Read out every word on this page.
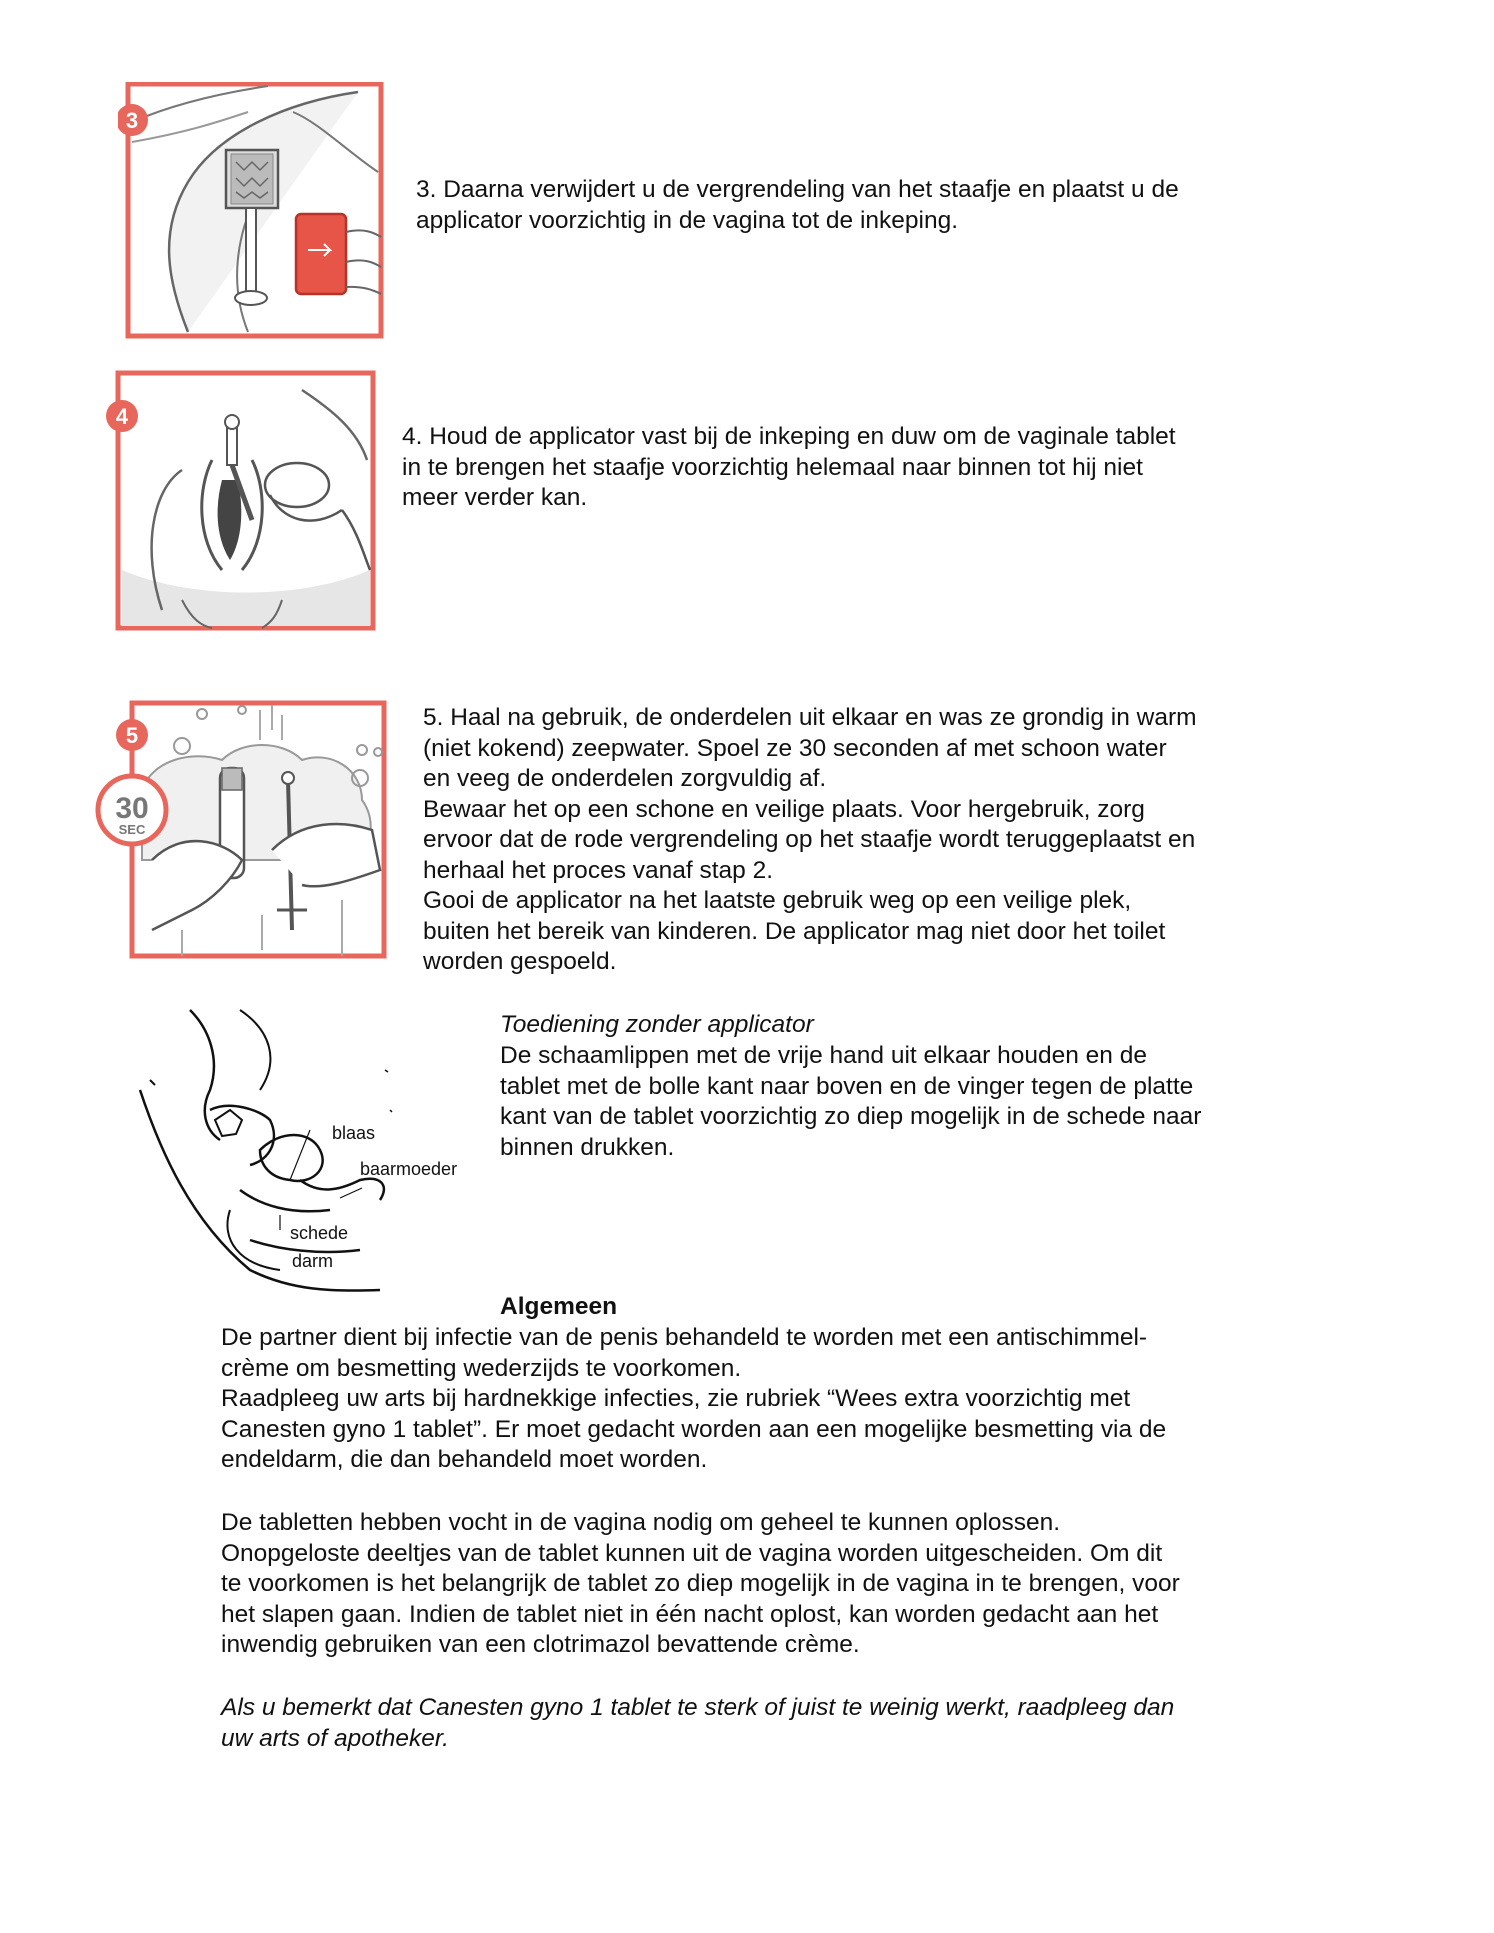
3

3. Daarna verwijdert u de vergrendeling van het staafje en plaatst u de
applicator voorzichtig in de vagina tot de inkeping.

4

4. Houd de applicator vast bij de inkeping en duw om de vaginale tablet
in te brengen het staafje voorzichtig helemaal naar binnen tot hij niet
meer verder kan.

30
SEC
5

5. Haal na gebruik, de onderdelen uit elkaar en was ze grondig in warm
(niet kokend) zeepwater. Spoel ze 30 seconden af met schoon water
en veeg de onderdelen zorgvuldig af.
Bewaar het op een schone en veilige plaats. Voor hergebruik, zorg
ervoor dat de rode vergrendeling op het staafje wordt teruggeplaatst en
herhaal het proces vanaf stap 2.
Gooi de applicator na het laatste gebruik weg op een veilige plek,
buiten het bereik van kinderen. De applicator mag niet door het toilet
worden gespoeld.

blaas
baarmoeder
schede
darm

Toediening zonder applicator

De schaamlippen met de vrije hand uit elkaar houden en de
tablet met de bolle kant naar boven en de vinger tegen de platte
kant van de tablet voorzichtig zo diep mogelijk in de schede naar
binnen drukken.

Algemeen

De partner dient bij infectie van de penis behandeld te worden met een antischimmel-
crème om besmetting wederzijds te voorkomen.
Raadpleeg uw arts bij hardnekkige infecties, zie rubriek “Wees extra voorzichtig met
Canesten gyno 1 tablet”. Er moet gedacht worden aan een mogelijke besmetting via de
endeldarm, die dan behandeld moet worden.

De tabletten hebben vocht in de vagina nodig om geheel te kunnen oplossen.
Onopgeloste deeltjes van de tablet kunnen uit de vagina worden uitgescheiden. Om dit
te voorkomen is het belangrijk de tablet zo diep mogelijk in de vagina in te brengen, voor
het slapen gaan. Indien de tablet niet in één nacht oplost, kan worden gedacht aan het
inwendig gebruiken van een clotrimazol bevattende crème.

Als u bemerkt dat Canesten gyno 1 tablet te sterk of juist te weinig werkt, raadpleeg dan
uw arts of apotheker.
